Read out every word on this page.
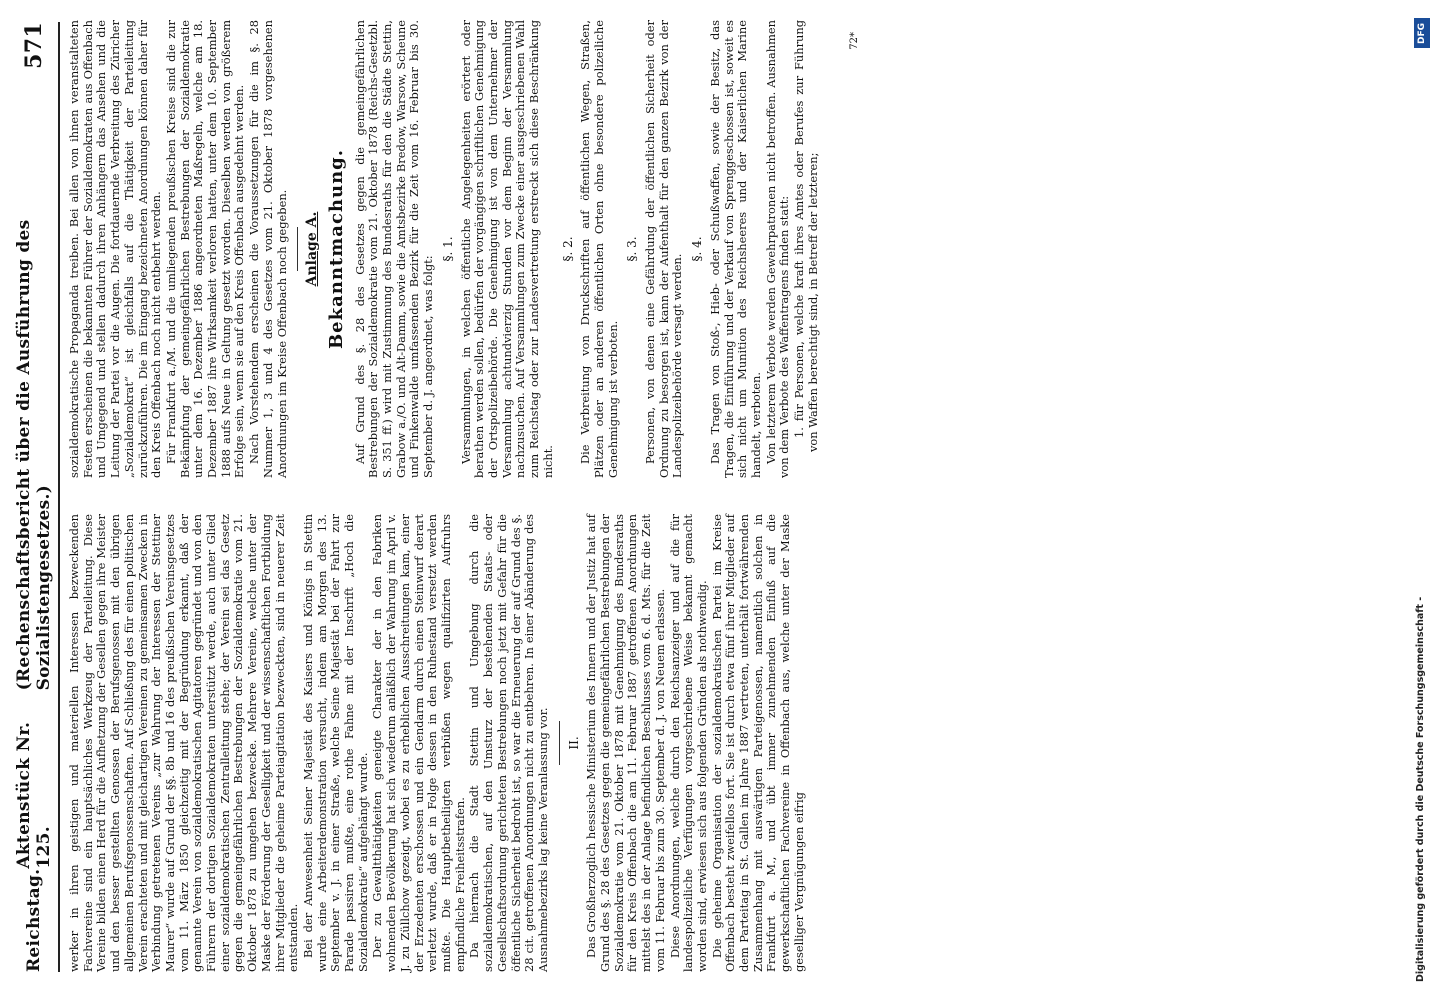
Reichstag.
Aktenstück Nr. 125.
(Rechenschaftsbericht über die Ausführung des Sozialistengesetzes.)
571

werker in ihren geistigen und materiellen Interessen bezweckenden Fachvereine sind ein hauptsächliches Werkzeug der Parteileitung. Diese Vereine bilden einen Herd für die Aufhetzung der Gesellen gegen ihre Meister und den besser gestellten Genossen der Berufsgenossen mit den übrigen allgemeinen Berufsgenossenschaften. Auf Schließung des für einen politischen Verein erachteten und mit gleichartigen Vereinen zu gemeinsamen Zwecken in Verbindung getretenen Vereins „zur Wahrung der Interessen der Stettiner Maurer“ wurde auf Grund der §§. 8b und 16 des preußischen Vereinsgesetzes vom 11. März 1850 gleichzeitig mit der Begründung erkannt, daß der genannte Verein von sozialdemokratischen Agitatoren gegründet und von den Führern der dortigen Sozialdemokraten unterstützt werde, auch unter Glied einer sozialdemokratischen Zentralleitung stehe; der Verein sei das Gesetz gegen die gemeingefährlichen Bestrebungen der Sozialdemokratie vom 21. Oktober 1878 zu umgehen bezwecke. Mehrere Vereine, welche unter der Maske der Förderung der Geselligkeit und der wissenschaftlichen Fortbildung ihrer Mitglieder die geheime Parteiagitation bezweckten, sind in neuerer Zeit entstanden. Bei der Anwesenheit Seiner Majestät des Kaisers und Königs in Stettin wurde eine Arbeiterdemonstration versucht, indem am Morgen des 13. September v. J. in einer Straße, welche Seine Majestät bei der Fahrt zur Parade passiren mußte, eine rothe Fahne mit der Inschrift „Hoch die Sozialdemokratie“ aufgehängt wurde. Der zu Gewaltthätigkeiten geneigte Charakter der in den Fabriken wohnenden Bevölkerung hat sich wiederum anläßlich der Wahrung im April v. J. zu Züllchow gezeigt, wobei es zu erheblichen Ausschreitungen kam, einer der Erzedenten erschossen und ein Gendarm durch einen Steinwurf derart verletzt wurde, daß er in Folge dessen in den Ruhestand versetzt werden mußte. Die Hauptbetheiligten verbüßen wegen qualifizirten Aufruhrs empfindliche Freiheitsstrafen. Da hiernach die Stadt Stettin und Umgebung durch die sozialdemokratischen, auf den Umsturz der bestehenden Staats- oder Gesellschaftsordnung gerichteten Bestrebungen noch jetzt mit Gefahr für die öffentliche Sicherheit bedroht ist, so war die Erneuerung der auf Grund des §. 28 cit. getroffenen Anordnungen nicht zu entbehren. In einer Abänderung des Ausnahmebezirks lag keine Veranlassung vor. II. Das Großherzoglich hessische Ministerium des Innern und der Justiz hat auf Grund des §. 28 des Gesetzes gegen die gemeingefährlichen Bestrebungen der Sozialdemokratie vom 21. Oktober 1878 mit Genehmigung des Bundesraths für den Kreis Offenbach die am 11. Februar 1887 getroffenen Anordnungen mittelst des in der Anlage befindlichen Beschlusses vom 6. d. Mts. für die Zeit vom 11. Februar bis zum 30. September d. J. von Neuem erlassen. Diese Anordnungen, welche durch den Reichsanzeiger und auf die für landespolizeiliche Verfügungen vorgeschriebene Weise bekannt gemacht worden sind, erwiesen sich aus folgenden Gründen als nothwendig. Die geheime Organisation der sozialdemokratischen Partei im Kreise Offenbach besteht zweifellos fort. Sie ist durch etwa fünf ihrer Mitglieder auf dem Parteitag in St. Gallen im Jahre 1887 vertreten, unterhält fortwährenden Zusammenhang mit auswärtigen Parteigenossen, namentlich solchen in Frankfurt a. M., und übt immer zunehmenden Einfluß auf die gewerkschaftlichen Fachvereine in Offenbach aus, welche unter der Maske geselliger Vergnügungen eifrig

sozialdemokratische Propaganda treiben. Bei allen von ihnen veranstalteten Festen erscheinen die bekannten Führer der Sozialdemokraten aus Offenbach und Umgegend und stellen dadurch ihren Anhängern das Ansehen und die Leitung der Partei vor die Augen. Die fortdauernde Verbreitung des Züricher „Sozialdemokrat“ ist gleichfalls auf die Thätigkeit der Parteileitung zurückzuführen. Die im Eingang bezeichneten Anordnungen können daher für den Kreis Offenbach noch nicht entbehrt werden. Für Frankfurt a./M. und die umliegenden preußischen Kreise sind die zur Bekämpfung der gemeingefährlichen Bestrebungen der Sozialdemokratie unter dem 16. Dezember 1886 angeordneten Maßregeln, welche am 18. Dezember 1887 ihre Wirksamkeit verloren hatten, unter dem 10. September 1888 aufs Neue in Geltung gesetzt worden. Dieselben werden von größerem Erfolge sein, wenn sie auf den Kreis Offenbach ausgedehnt werden. Nach Vorstehendem erscheinen die Voraussetzungen für die im §. 28 Nummer 1, 3 und 4 des Gesetzes vom 21. Oktober 1878 vorgesehenen Anordnungen im Kreise Offenbach noch gegeben. Anlage A. Bekanntmachung. Auf Grund des §. 28 des Gesetzes gegen die gemeingefährlichen Bestrebungen der Sozialdemokratie vom 21. Oktober 1878 (Reichs-Gesetzbl. S. 351 ff.) wird mit Zustimmung des Bundesraths für den die Städte Stettin, Grabow a./O. und Alt-Damm, sowie die Amtsbezirke Bredow, Warsow, Scheune und Finkenwalde umfassenden Bezirk für die Zeit vom 16. Februar bis 30. September d. J. angeordnet, was folgt:

§. 1. Versammlungen, in welchen öffentliche Angelegenheiten erörtert oder berathen werden sollen, bedürfen der vorgängigen schriftlichen Genehmigung der Ortspolizeibehörde. Die Genehmigung ist von dem Unternehmer der Versammlung achtundvierzig Stunden vor dem Beginn der Versammlung nachzusuchen. Auf Versammlungen zum Zwecke einer ausgeschriebenen Wahl zum Reichstag oder zur Landesvertretung erstreckt sich diese Beschränkung nicht.

§. 2. Die Verbreitung von Druckschriften auf öffentlichen Wegen, Straßen, Plätzen oder an anderen öffentlichen Orten ohne besondere polizeiliche Genehmigung ist verboten.

§. 3. Personen, von denen eine Gefährdung der öffentlichen Sicherheit oder Ordnung zu besorgen ist, kann der Aufenthalt für den ganzen Bezirk von der Landespolizeibehörde versagt werden.

§. 4. Das Tragen von Stoß-, Hieb- oder Schußwaffen, sowie der Besitz, das Tragen, die Einführung und der Verkauf von Sprenggeschossen ist, soweit es sich nicht um Munition des Reichsheeres und der Kaiserlichen Marine handelt, verboten. Von letzterem Verbote werden Gewehrpatronen nicht betroffen. Ausnahmen von dem Verbote des Waffentragens finden statt: 1. für Personen, welche kraft ihres Amtes oder Berufes zur Führung von Waffen berechtigt sind, in Betreff der letzteren;

72*	DFG
Digitalisierung gefördert durch die Deutsche Forschungsgemeinschaft -
